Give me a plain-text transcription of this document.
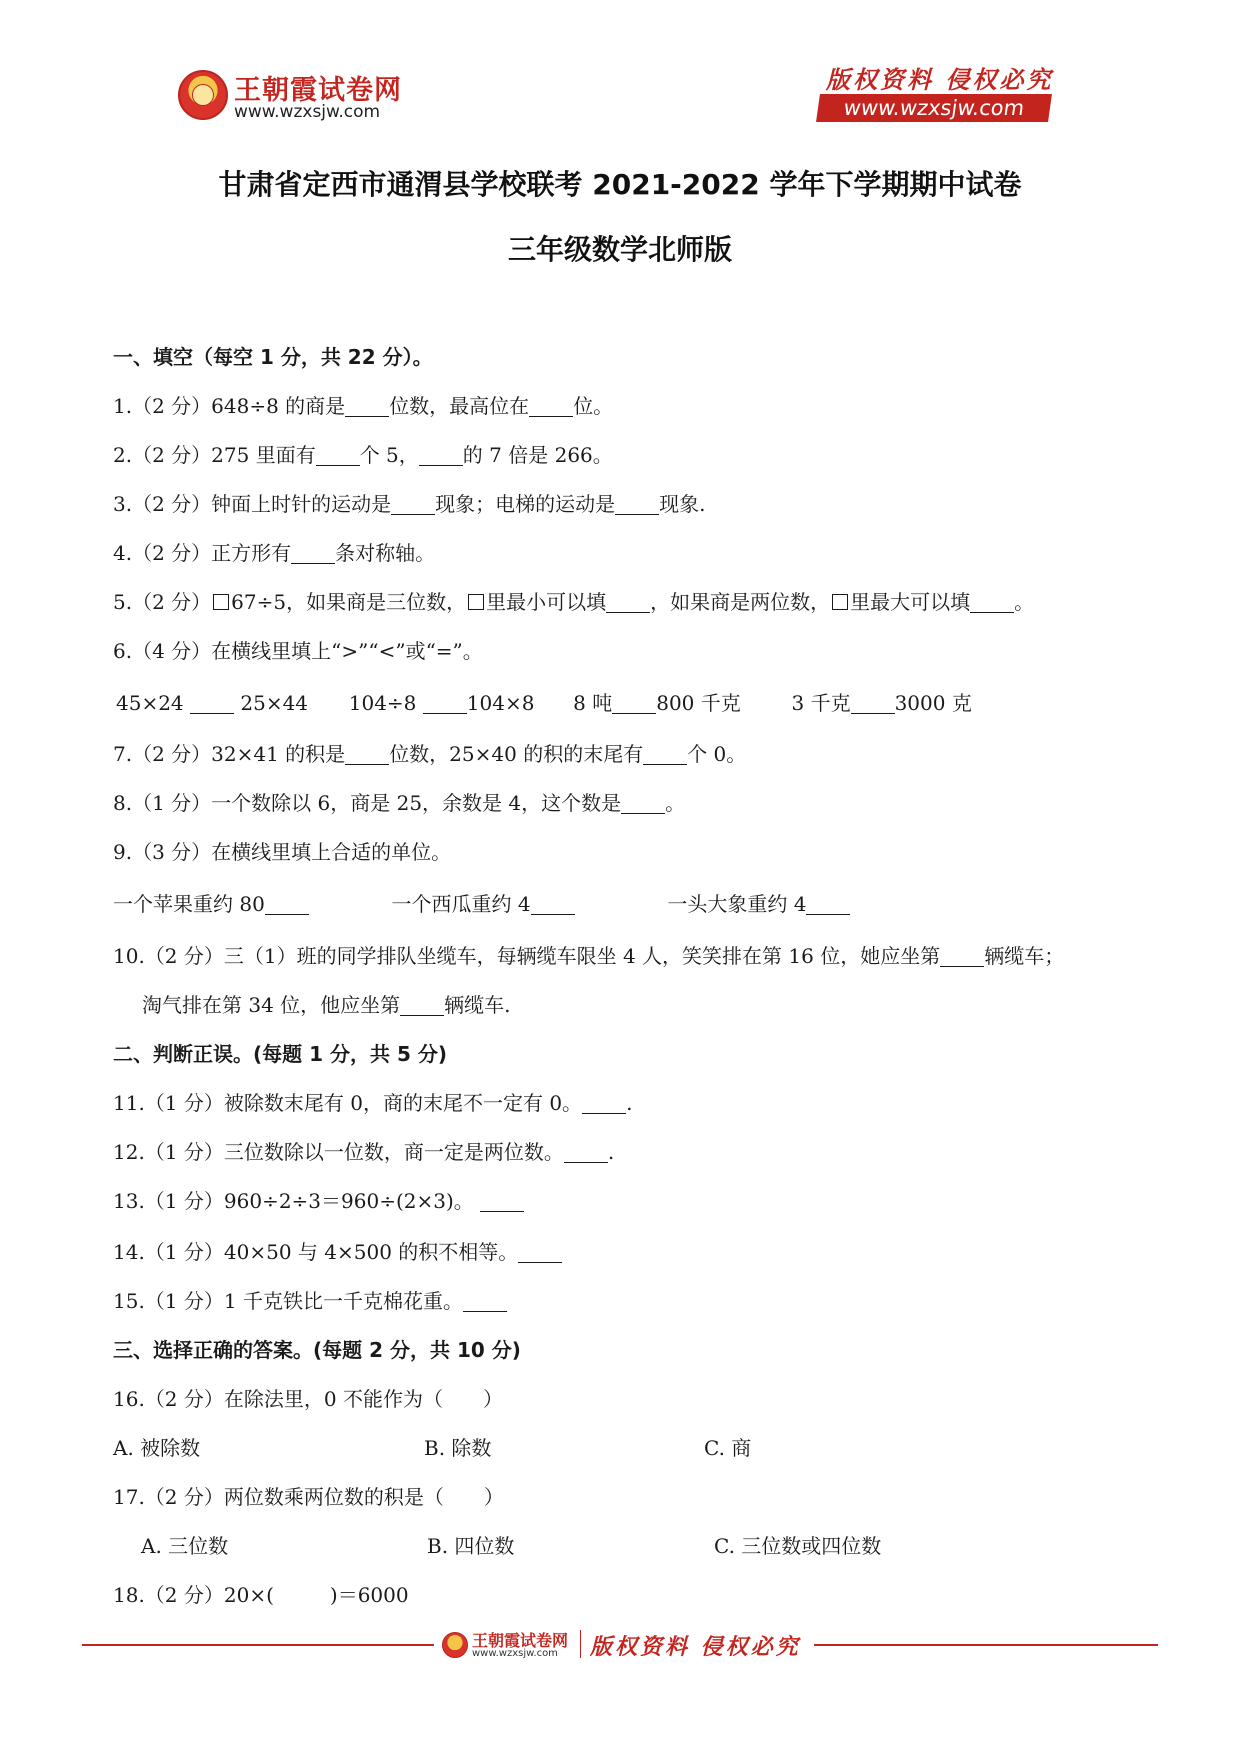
王朝霞试卷网
www.wzxsjw.com
版权资料 侵权必究
www.wzxsjw.com
甘肃省定西市通渭县学校联考 2021-2022 学年下学期期中试卷
三年级数学北师版
一、填空（每空 1 分，共 22 分）。
1.（2 分）648÷8 的商是 位数，最高位在 位。
2.（2 分）275 里面有 个 5， 的 7 倍是 266。
3.（2 分）钟面上时针的运动是 现象；电梯的运动是 现象.
4.（2 分）正方形有 条对称轴。
5.（2 分） 67÷5，如果商是三位数， 里最小可以填 ，如果商是两位数， 里最大可以填 。
6.（4 分）在横线里填上“>”“<”或“=”。
45×24	25×44 104÷8	104×8 8 吨 800 千克	3 千克 3000 克
7.（2 分）32×41 的积是 位数，25×40 的积的末尾有 个 0。
8.（1 分）一个数除以 6，商是 25，余数是 4，这个数是 。
9.（3 分）在横线里填上合适的单位。
一个苹果重约 80	一个西瓜重约 4	一头大象重约 4
10.（2 分）三（1）班的同学排队坐缆车，每辆缆车限坐 4 人，笑笑排在第 16 位，她应坐第 辆缆车；
淘气排在第 34 位，他应坐第 辆缆车.
二、判断正误。(每题 1 分，共 5 分)
11.（1 分）被除数末尾有 0，商的末尾不一定有 0。 .
12.（1 分）三位数除以一位数，商一定是两位数。 .
13.（1 分）960÷2÷3＝960÷(2×3)。
14.（1 分）40×50 与 4×500 的积不相等。
15.（1 分）1 千克铁比一千克棉花重。
三、选择正确的答案。(每题 2 分，共 10 分)
16.（2 分）在除法里，0 不能作为（ ）
A. 被除数	B. 除数	C. 商
17.（2 分）两位数乘两位数的积是（ ）
A. 三位数	B. 四位数	C. 三位数或四位数
18.（2 分）20×(	)＝6000
王朝霞试卷网
www.wzxsjw.com 版权资料 侵权必究
